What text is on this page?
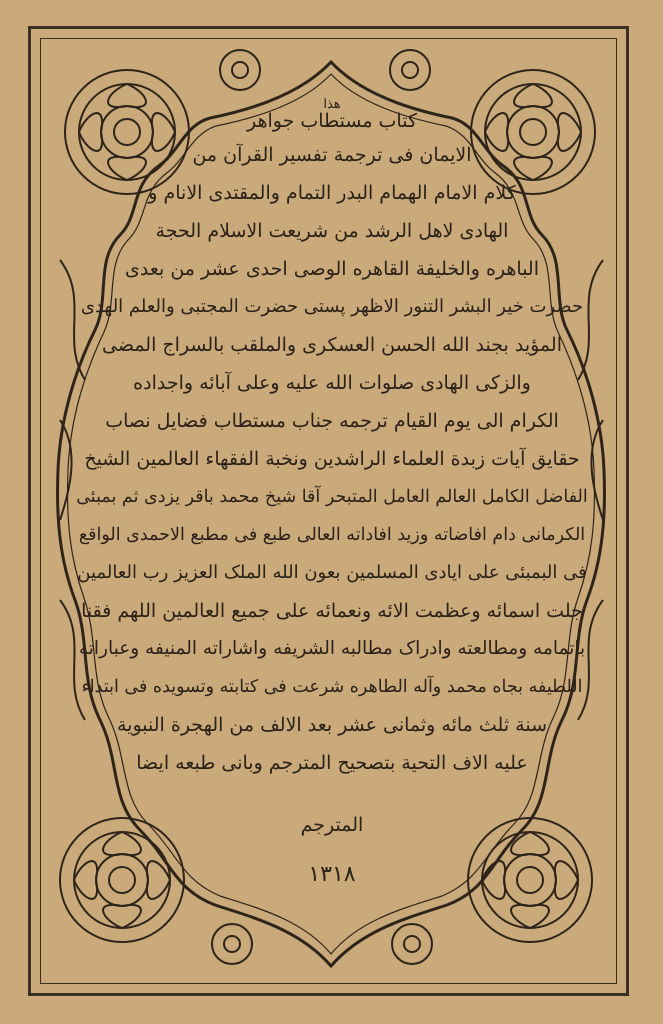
هذا
کتاب مستطاب جواهر
الایمان فی ترجمة تفسیر القرآن من
کلام الامام الهمام البدر التمام والمقتدى الانام و
الهادی لاهل الرشد من شریعت الاسلام الحجة
الباهره والخلیفة القاهره الوصی احدی عشر من بعدی
حضرت خیر البشر التنور الاظهر پستی حضرت المجتبی والعلم الهدی
المؤید بجند الله الحسن العسکری والملقب بالسراج المضی
والزکی الهادی صلوات الله علیه وعلی آبائه واجداده
الکرام الی یوم القیام ترجمه جناب مستطاب فضایل نصاب
حقایق آیات زبدة العلماء الراشدین ونخبة الفقهاء العالمین الشیخ
الفاضل الکامل العالم العامل المتبحر آقا شیخ محمد باقر یزدی ثم بمبئی
الکرمانی دام افاضاته وزید افاداته العالی طبع فی مطبع الاحمدی الواقع
فی البمبئی علی ایادی المسلمین بعون الله الملک العزیز رب العالمین
جلت اسمائه وعظمت الائه ونعمائه علی جمیع العالمین اللهم فقنا
باتمامه ومطالعته وادراک مطالبه الشریفه واشاراته المنیفه وعباراته
اللطیفه بجاه محمد وآله الطاهره شرعت فی کتابته وتسویده فی ابتداء
سنة ثلث مائه وثمانی عشر بعد الالف من الهجرة النبویة
علیه الاف التحیة بتصحیح المترجم وبانی طبعه ایضا
المترجم
۱۳۱۸
